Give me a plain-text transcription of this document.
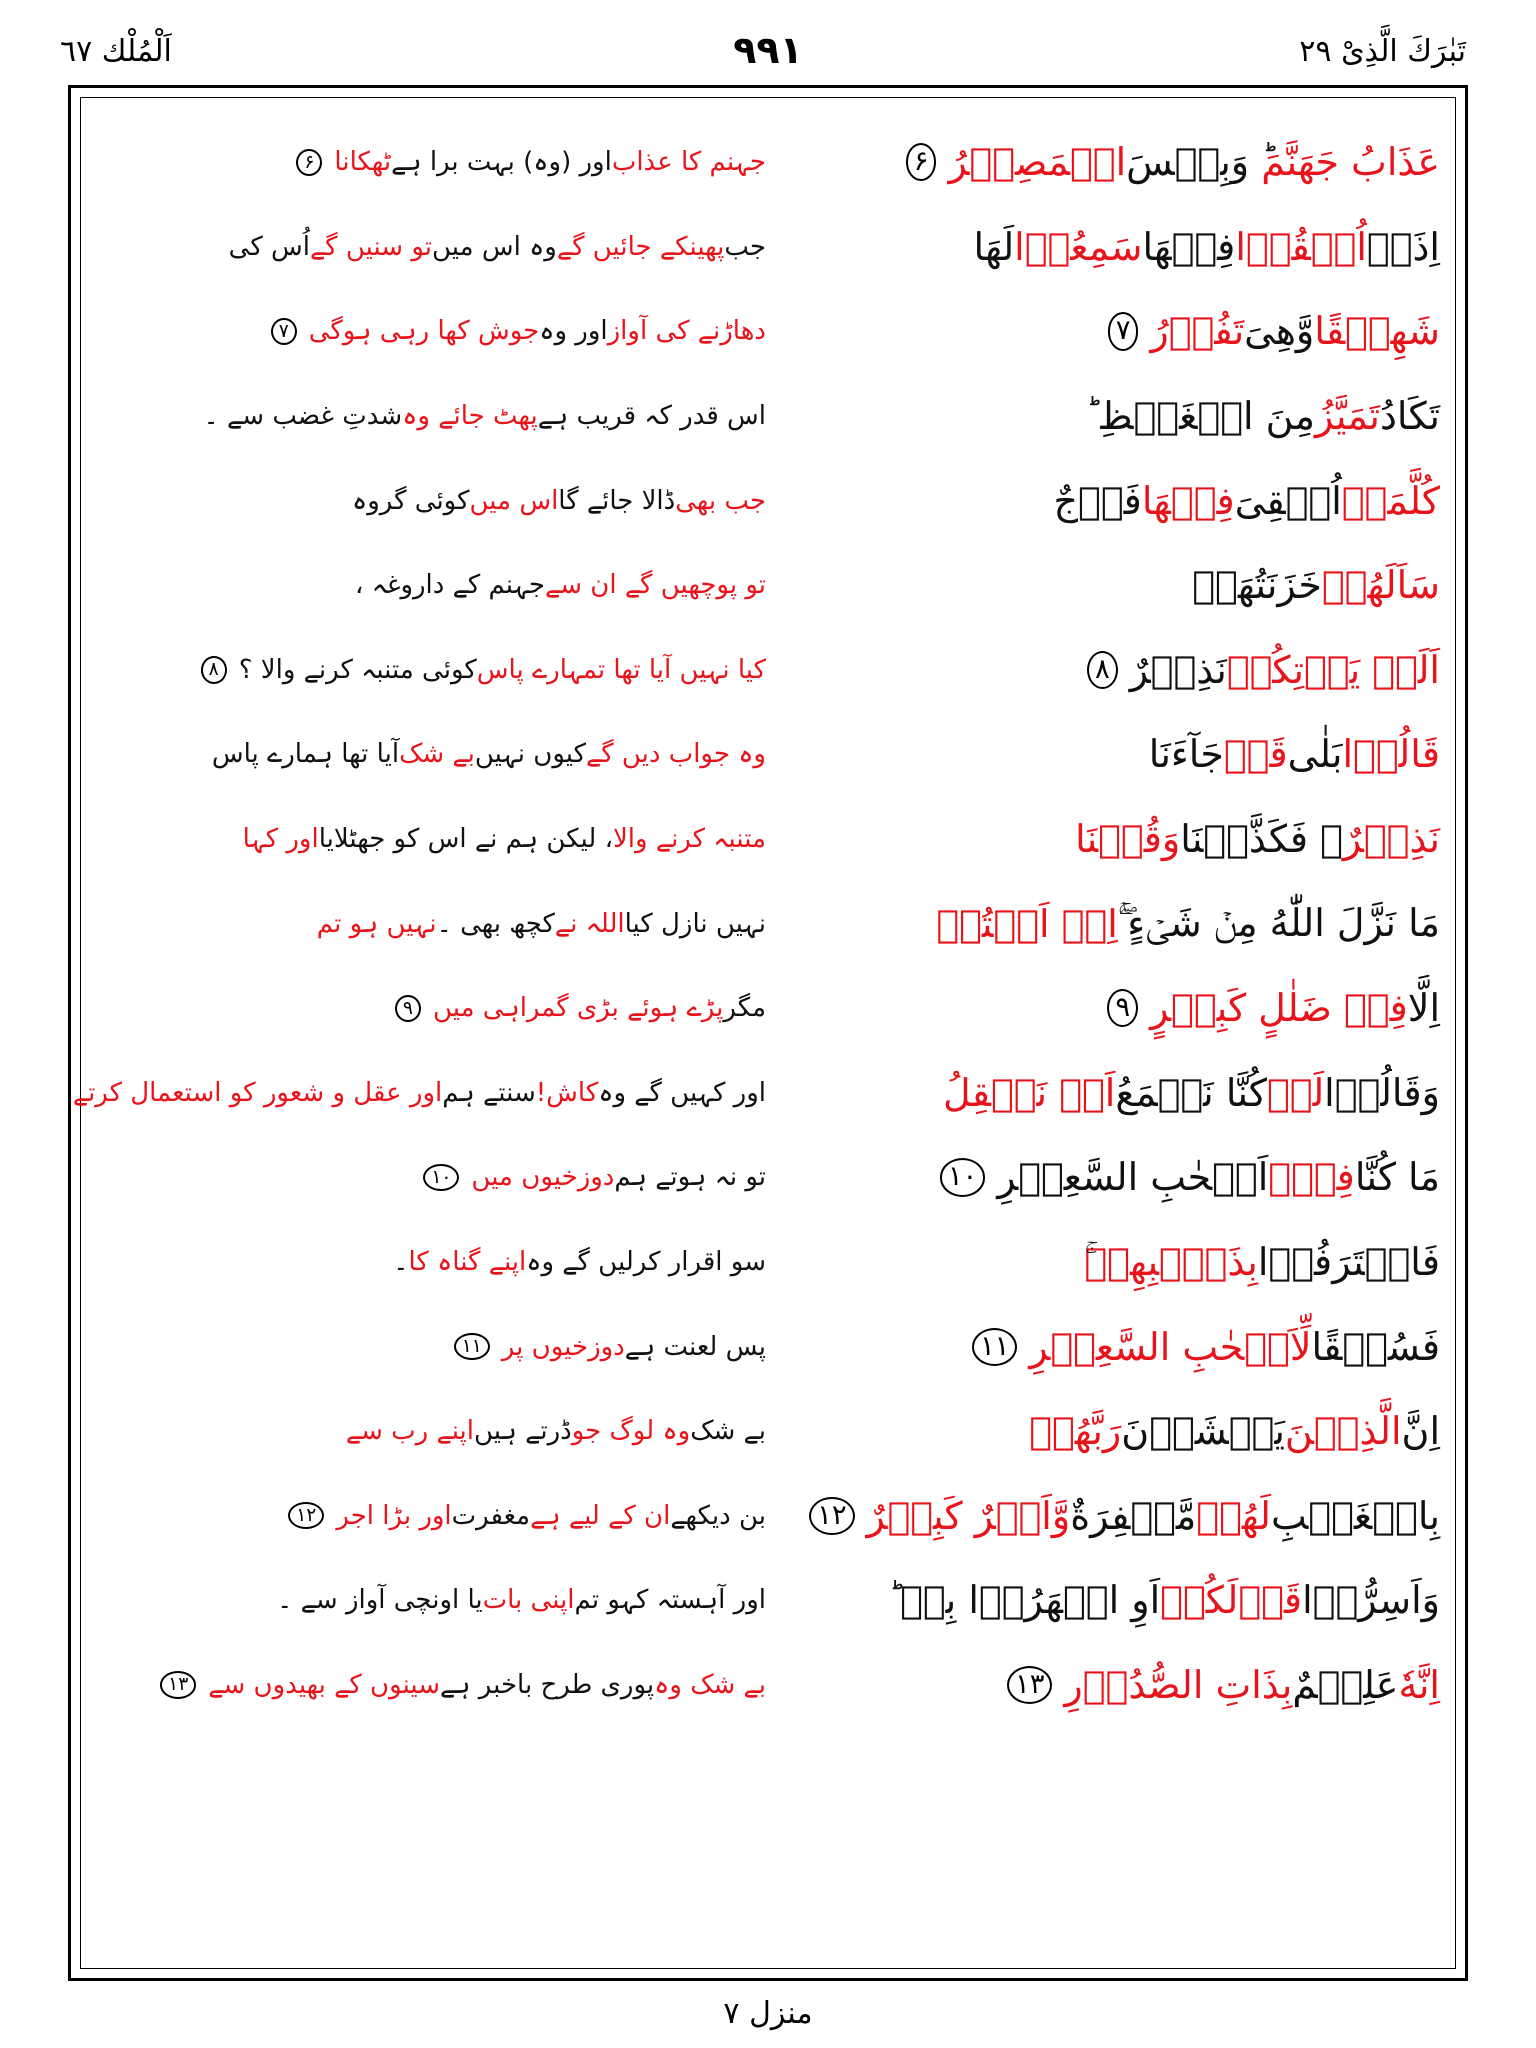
تَبٰرَكَ الَّذِیْ ۲۹
۹۹۱
اَلْمُلْك ٦٧
عَذَابُ جَهَنَّمَ
ؕ وَبِئۡسَ
الۡمَصِيۡرُ
۶
اِذَاۤ
اُلۡقُوۡا
فِيۡهَا
سَمِعُوۡا
لَهَا
شَهِيۡقًا
وَّهِىَ
تَفُوۡرُ
۷
تَكَادُ
تَمَيَّزُ
مِنَ الۡغَيۡظِ ؕ
كُلَّمَاۤ
اُلۡقِىَ
فِيۡهَا
فَوۡجٌ
سَاَلَهُمۡ
خَزَنَتُهَاۤ
اَلَمۡ يَاۡتِكُمۡ
نَذِيۡرٌ
۸
قَالُوۡا
بَلٰى
قَدۡ
جَآءَنَا
نَذِيۡرٌ
ۙ فَكَذَّبۡنَا
وَقُلۡنَا
مَا نَزَّلَ اللّٰهُ مِنۡ شَىۡءٍ ۖۚ
اِنۡ اَنۡتُمۡ
اِلَّا
فِىۡ ضَلٰلٍ كَبِيۡرٍ
۹
وَقَالُوۡا
لَوۡ
كُنَّا نَسۡمَعُ
اَوۡ نَعۡقِلُ
مَا كُنَّا
فِىۡۤ
اَصۡحٰبِ السَّعِيۡرِ
۱۰
فَاعۡتَرَفُوۡا
بِذَنۡۢبِهِمۡ
فَسُحۡقًا
لِّاَصۡحٰبِ السَّعِيۡرِ
۱۱
اِنَّ
الَّذِيۡنَ
يَخۡشَوۡنَ
رَبَّهُمۡ
بِالۡغَيۡبِ
لَهُمۡ
مَّغۡفِرَةٌ
وَّاَجۡرٌ كَبِيۡرٌ
۱۲
وَاَسِرُّوۡا
قَوۡلَكُمۡ
اَوِ اجۡهَرُوۡا بِهٖ ؕ
اِنَّهٗ
عَلِيۡمٌ
بِذَاتِ الصُّدُوۡرِ
۱۳
جہنم کا عذاب
اور (وہ) بہت برا ہے
ٹھکانا
۶
جب
پھینکے جائیں گے
وہ اس میں
تو سنیں گے
اُس کی
دھاڑنے کی آواز
اور وہ
جوش کھا رہی ہوگی
۷
اس قدر کہ قریب ہے
پھٹ جائے وہ
شدتِ غضب سے ۔
جب بھی
ڈالا جائے گا
اس میں
کوئی گروہ
تو پوچھیں گے ان سے
جہنم کے داروغہ ،
کیا نہیں آیا تھا تمہارے پاس
کوئی متنبہ کرنے والا ؟
۸
وہ جواب دیں گے
کیوں نہیں
بے شک
آیا تھا ہمارے پاس
متنبہ کرنے والا
، لیکن ہم نے اس کو جھٹلایا
اور کہا
نہیں نازل کیا
اللہ نے
کچھ بھی ۔
نہیں ہو تم
مگر
پڑے ہوئے بڑی گمراہی میں
۹
اور کہیں گے وہ
کاش!
سنتے ہم
اور عقل و شعور کو استعمال کرتے
تو نہ ہوتے ہم
دوزخیوں میں
۱۰
سو اقرار کرلیں گے وہ
اپنے گناہ کا
۔
پس لعنت ہے
دوزخیوں پر
۱۱
بے شک
وہ لوگ جو
ڈرتے ہیں
اپنے رب سے
بن دیکھے
ان کے لیے ہے
مغفرت
اور بڑا اجر
۱۲
اور آہستہ کہو تم
اپنی بات
یا اونچی آواز سے ۔
بے شک وہ
پوری طرح باخبر ہے
سینوں کے بھیدوں سے
۱۳
منزل ۷
